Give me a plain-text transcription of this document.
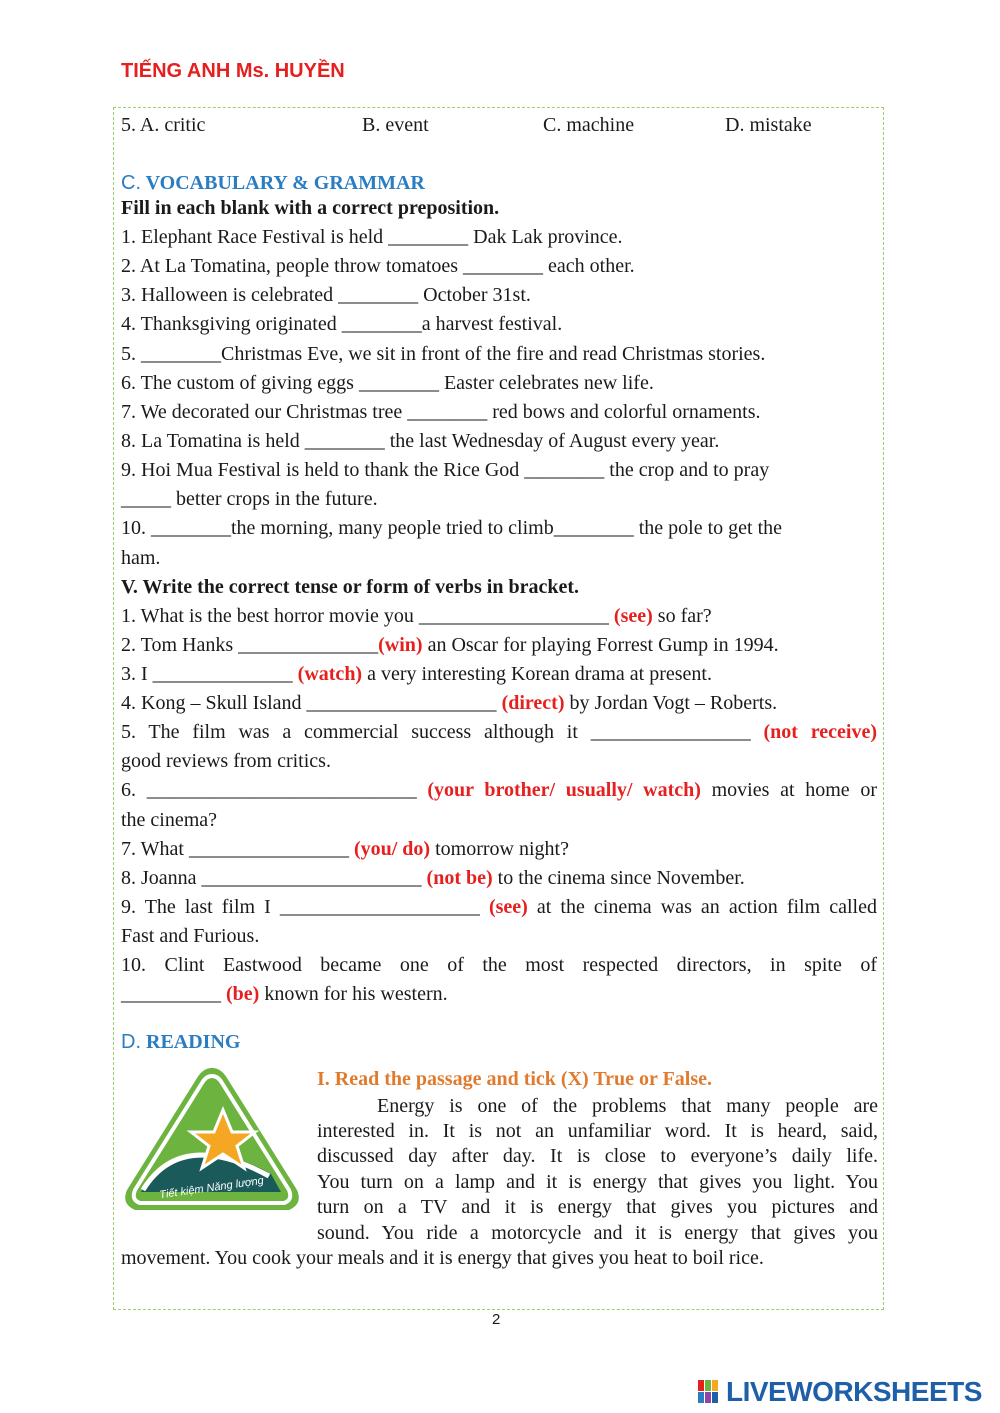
TIẾNG ANH Ms. HUYỀN
5. A. critic	B. event	C. machine	D. mistake
C. VOCABULARY & GRAMMAR
Fill in each blank with a correct preposition.
1. Elephant Race Festival is held ________ Dak Lak province.
2. At La Tomatina, people throw tomatoes ________ each other.
3. Halloween is celebrated ________ October 31st.
4. Thanksgiving originated ________a harvest festival.
5. ________Christmas Eve, we sit in front of the fire and read Christmas stories.
6. The custom of giving eggs ________ Easter celebrates new life.
7. We decorated our Christmas tree ________ red bows and colorful ornaments.
8. La Tomatina is held ________ the last Wednesday of August every year.
9. Hoi Mua Festival is held to thank the Rice God ________ the crop and to pray
_____ better crops in the future.
10. ________the morning, many people tried to climb________ the pole to get the
ham.
V. Write the correct tense or form of verbs in bracket.
1. What is the best horror movie you ___________________ (see) so far?
2. Tom Hanks ______________(win) an Oscar for playing Forrest Gump in 1994.
3. I ______________ (watch) a very interesting Korean drama at present.
4. Kong – Skull Island ___________________ (direct) by Jordan Vogt – Roberts.
5. The film was a commercial success although it ________________ (not receive)
good reviews from critics.
6. ___________________________ (your brother/ usually/ watch) movies at home or
the cinema?
7. What ________________ (you/ do) tomorrow night?
8. Joanna ______________________ (not be) to the cinema since November.
9. The last film I ____________________ (see) at the cinema was an action film called
Fast and Furious.
10. Clint Eastwood became one of the most respected directors, in spite of
__________ (be) known for his western.
D. READING
Tiết kiệm Năng lượng
I. Read the passage and tick (X) True or False.
Energy is one of the problems that many people are
interested in. It is not an unfamiliar word. It is heard, said,
discussed day after day. It is close to everyone’s daily life.
You turn on a lamp and it is energy that gives you light. You
turn on a TV and it is energy that gives you pictures and
sound. You ride a motorcycle and it is energy that gives you
movement. You cook your meals and it is energy that gives you heat to boil rice.
2
LIVEWORKSHEETS
